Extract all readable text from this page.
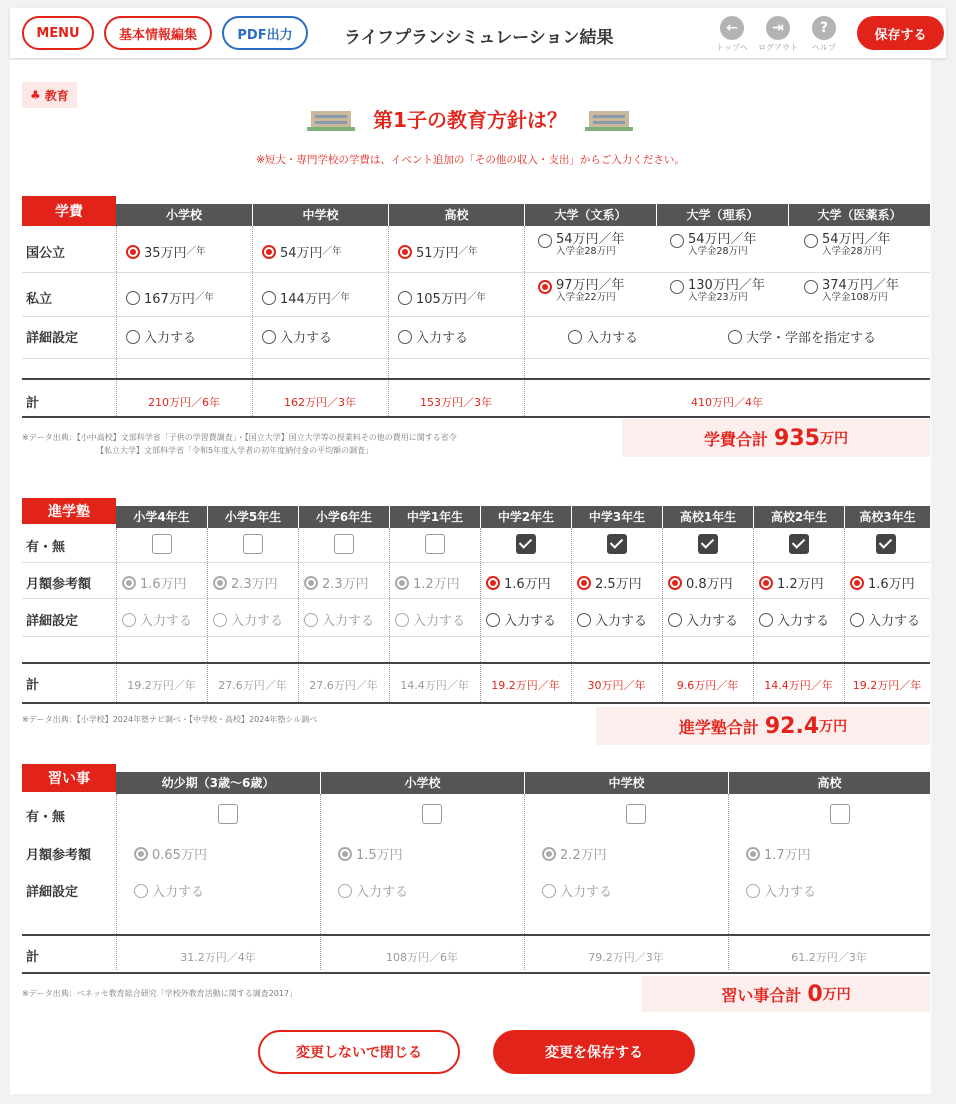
MENU	基本情報編集	PDF出力	ライフプランシミュレーション結果	←
トップへ
⇥
ログアウト
?
ヘルプ
保存する
♣ 教育
第1子の教育方針は？
※短大・専門学校の学費は、イベント追加の「その他の収入・支出」からご入力ください。
学費	小学校	中学校	高校	大学（文系）	大学（理系）	大学（医薬系）
国公立
私立
詳細設定
35万円 ／年	54万円 ／年	51万円 ／年
54万円／年
入学金28万円
54万円／年
入学金28万円
54万円／年
入学金28万円
167万円 ／年	144万円 ／年	105万円 ／年
97万円／年
入学金22万円
130万円／年
入学金23万円
374万円／年
入学金108万円
入力する	入力する	入力する	入力する	大学・学部を指定する
計	210万円／6年	162万円／3年	153万円／3年	410万円／4年
※データ出典：【小中高校】文部科学省「子供の学習費調査」・【国立大学】国立大学等の授業料その他の費用に関する省令
【私立大学】文部科学省「令和5年度入学者の初年度納付金の平均額の調査」
学費合計 935 万円
進学塾	小学4年生	小学5年生	小学6年生	中学1年生	中学2年生	中学3年生	高校1年生	高校2年生	高校3年生
有・無
月額参考額
詳細設定
1.6万円	2.3万円	2.3万円	1.2万円	1.6万円	2.5万円	0.8万円	1.2万円	1.6万円
入力する	入力する	入力する	入力する	入力する	入力する	入力する	入力する	入力する
計	19.2万円／年	27.6万円／年	27.6万円／年	14.4万円／年	19.2万円／年	30万円／年	9.6万円／年	14.4万円／年	19.2万円／年
※データ出典：【小学校】2024年塾ナビ調べ・【中学校・高校】2024年塾シル調べ	進学塾合計 92.4 万円
習い事	幼少期（3歳〜6歳）	小学校	中学校	高校
有・無
月額参考額
詳細設定
0.65万円	1.5万円	2.2万円	1.7万円
入力する	入力する	入力する	入力する
計	31.2万円／4年	108万円／6年	79.2万円／3年	61.2万円／3年
※データ出典：ベネッセ教育総合研究「学校外教育活動に関する調査2017」	習い事合計 0 万円
変更しないで閉じる	変更を保存する
